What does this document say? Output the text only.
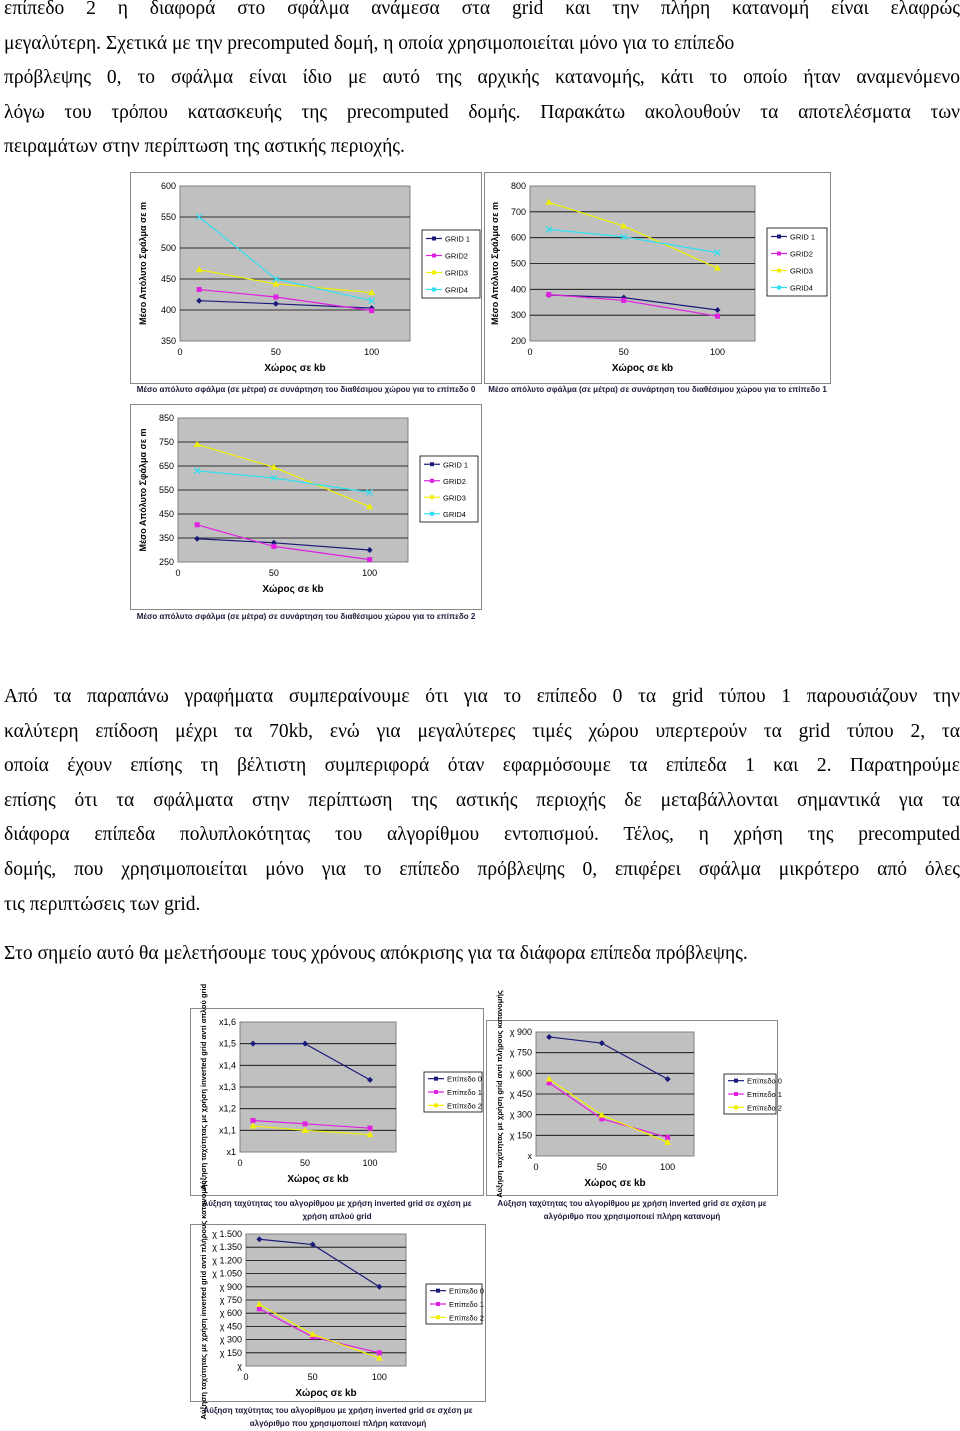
επίπεδο 2 η διαφορά στο σφάλμα ανάμεσα στα grid και την πλήρη κατανομή είναι ελαφρώς
μεγαλύτερη. Σχετικά με την precomputed δομή, η οποία χρησιμοποιείται μόνο για το επίπεδο
πρόβλεψης 0, το σφάλμα είναι ίδιο με αυτό της αρχικής κατανομής, κάτι το οποίο ήταν αναμενόμενο
λόγω του τρόπου κατασκευής της precomputed δομής. Παρακάτω ακολουθούν τα αποτελέσματα των
πειραμάτων στην περίπτωση της αστικής περιοχής.
350
400
450
500
550
600
0	50	100
Χώρος σε kb
Μέσο Απόλυτο Σφάλμα σε m	GRID 1
GRID2
GRID3
GRID4
Μέσο απόλυτο σφάλμα (σε μέτρα) σε συνάρτηση του διαθέσιμου χώρου για το επίπεδο 0
200
300
400
500
600
700
800
0	50	100
Χώρος σε kb
Μέσο Απόλυτο Σφάλμα σε m	GRID 1
GRID2
GRID3
GRID4
Μέσο απόλυτο σφάλμα (σε μέτρα) σε συνάρτηση του διαθέσιμου χώρου για το επίπεδο 1
250
350
450
550
650
750
850
0	50	100
Χώρος σε kb
Μέσο Απόλυτο Σφάλμα σε m	GRID 1
GRID2
GRID3
GRID4
Μέσο απόλυτο σφάλμα (σε μέτρα) σε συνάρτηση του διαθέσιμου χώρου για το επίπεδο 2
Από τα παραπάνω γραφήματα συμπεραίνουμε ότι για το επίπεδο 0 τα grid τύπου 1 παρουσιάζουν την
καλύτερη επίδοση μέχρι τα 70kb, ενώ για μεγαλύτερες τιμές χώρου υπερτερούν τα grid τύπου 2, τα
οποία έχουν επίσης τη βέλτιστη συμπεριφορά όταν εφαρμόσουμε τα επίπεδα 1 και 2. Παρατηρούμε
επίσης ότι τα σφάλματα στην περίπτωση της αστικής περιοχής δε μεταβάλλονται σημαντικά για τα
διάφορα επίπεδα πολυπλοκότητας του αλγορίθμου εντοπισμού. Τέλος, η χρήση της precomputed
δομής, που χρησιμοποιείται μόνο για το επίπεδο πρόβλεψης 0, επιφέρει σφάλμα μικρότερο από όλες
τις περιπτώσεις των grid.
Στο σημείο αυτό θα μελετήσουμε τους χρόνους απόκρισης για τα διάφορα επίπεδα πρόβλεψης.
x1
x1,1
x1,2
x1,3
x1,4
x1,5
x1,6
0	50	100
Χώρος σε kb
Αύξηση ταχύτητας με χρήση inverted grid αντί απλού grid	Επίπεδο 0
Επίπεδο 1
Επίπεδο 2
Αύξηση ταχύτητας του αλγορίθμου με χρήση inverted grid σε σχέση με χρήση απλού grid

x
χ 150
χ 300
χ 450
χ 600
χ 750
χ 900
0	50	100
Χώρος σε kb
Αύξηση ταχύτητας με χρήση grid αντί πλήρους κατανομής	Επίπεδο 0
Επίπεδο 1
Επίπεδο 2
Αύξηση ταχύτητας του αλγορίθμου με χρήση inverted grid σε σχέση με
αλγόριθμο που χρησιμοποιεί πλήρη κατανομή
χ
χ 150
χ 300
χ 450
χ 600
χ 750
χ 900
χ 1.050
χ 1.200
χ 1.350
χ 1.500
0	50	100
Χώρος σε kb
Αύξηση ταχύτητας με χρήση inverted grid αντί πλήρους κατανομής	Επίπεδο 0
Επίπεδο 1
Επίπεδο 2
Αύξηση ταχύτητας του αλγορίθμου με χρήση inverted grid σε σχέση με
αλγόριθμο που χρησιμοποιεί πλήρη κατανομή
